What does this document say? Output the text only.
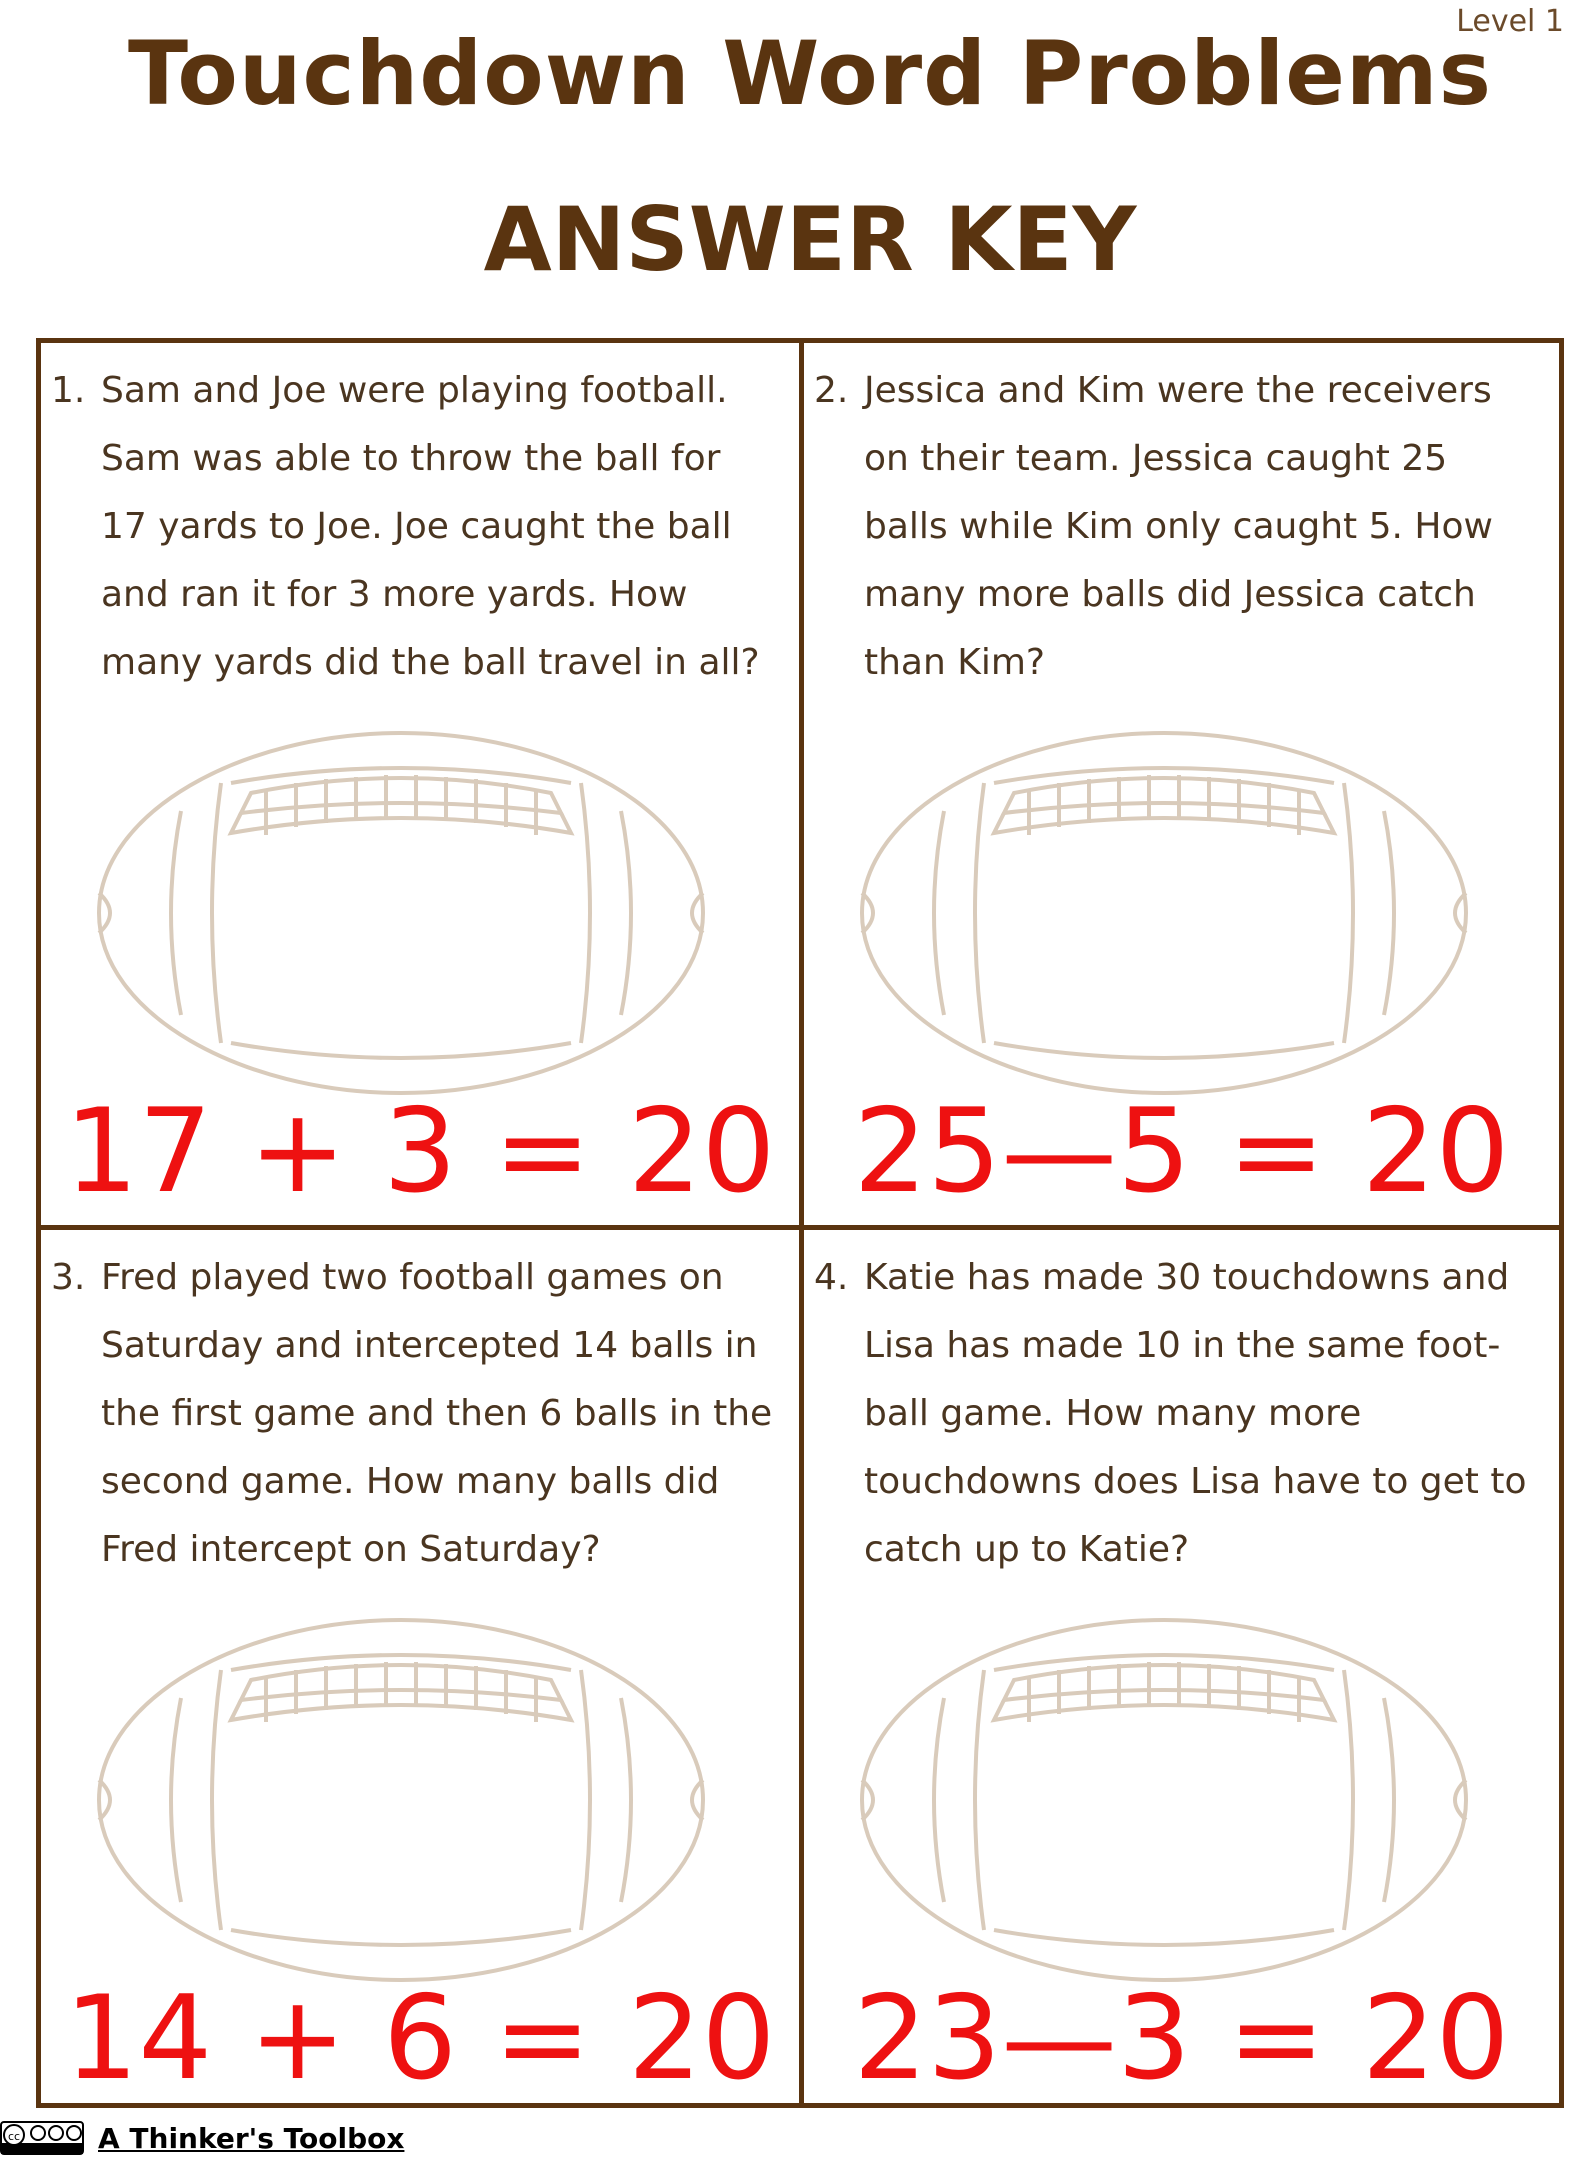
Level 1
Touchdown Word Problems
ANSWER KEY
1. Sam and Joe were playing football.
Sam was able to throw the ball for
17 yards to Joe. Joe caught the ball
and ran it for 3 more yards. How
many yards did the ball travel in all?
17 + 3 = 20
2. Jessica and Kim were the receivers
on their team. Jessica caught 25
balls while Kim only caught 5. How
many more balls did Jessica catch
than Kim?
25—5 = 20
3. Fred played two football games on
Saturday and intercepted 14 balls in
the first game and then 6 balls in the
second game. How many balls did
Fred intercept on Saturday?
14 + 6 = 20
4. Katie has made 30 touchdowns and
Lisa has made 10 in the same foot-
ball game. How many more
touchdowns does Lisa have to get to
catch up to Katie?
23—3 = 20
cc	A Thinker's Toolbox
